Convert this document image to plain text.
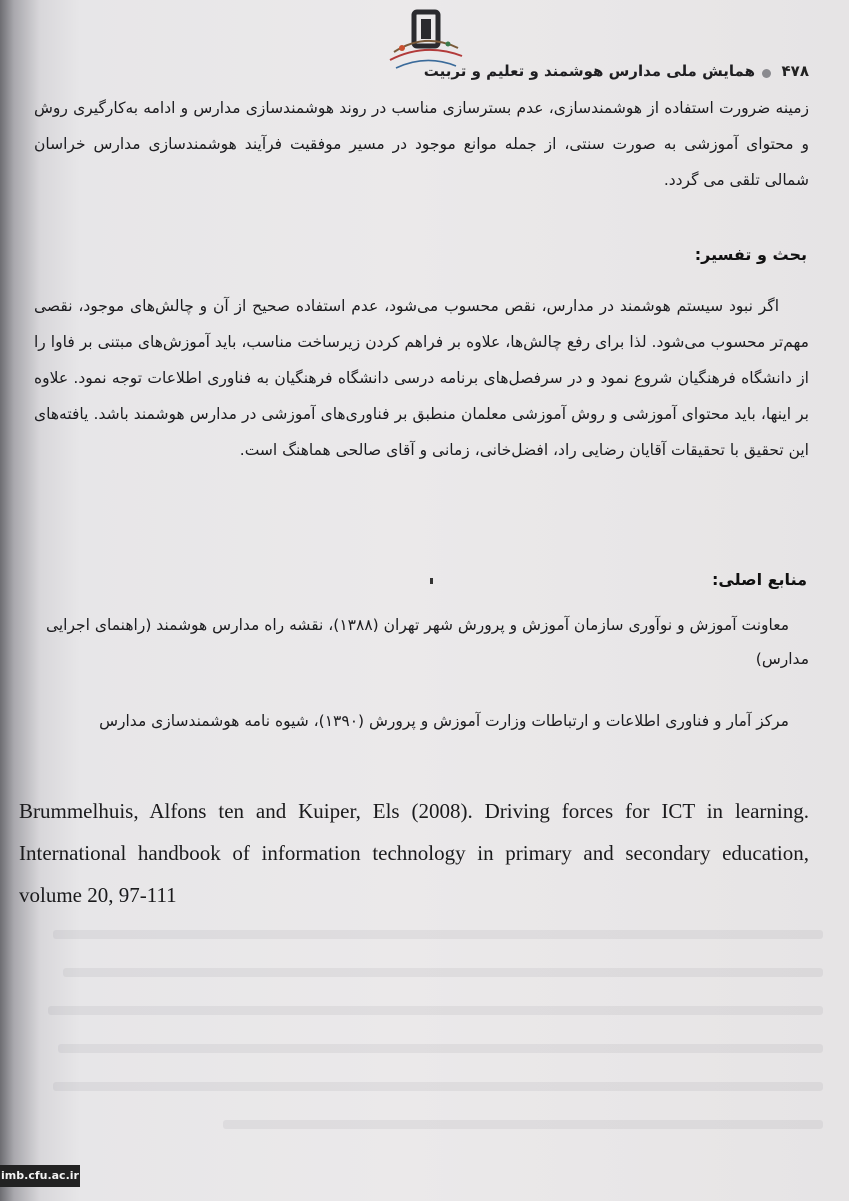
۴۷۸
همایش ملی مدارس هوشمند و تعلیم و تربیت

زمینه ضرورت استفاده از هوشمندسازی، عدم بسترسازی مناسب در روند هوشمندسازی مدارس و ادامه به‌کارگیری روش و محتوای آموزشی به صورت سنتی، از جمله موانع موجود در مسیر موفقیت فرآیند هوشمندسازی مدارس خراسان شمالی تلقی می گردد.

بحث و تفسیر:

اگر نبود سیستم هوشمند در مدارس، نقص محسوب می‌شود، عدم استفاده صحیح از آن و چالش‌های موجود، نقصی مهم‌تر محسوب می‌شود. لذا برای رفع چالش‌ها، علاوه بر فراهم کردن زیرساخت مناسب، باید آموزش‌های مبتنی بر فاوا را از دانشگاه فرهنگیان شروع نمود و در سرفصل‌های برنامه درسی دانشگاه فرهنگیان به فناوری اطلاعات توجه نمود. علاوه بر اینها، باید محتوای آموزشی و روش آموزشی معلمان منطبق بر فناوری‌های آموزشی در مدارس هوشمند باشد. یافته‌های این تحقیق با تحقیقات آقایان رضایی راد، افضل‌خانی، زمانی و آقای صالحی هماهنگ است.

منابع اصلی:

معاونت آموزش و نوآوری سازمان آموزش و پرورش شهر تهران (۱۳۸۸)، نقشه راه مدارس هوشمند (راهنمای اجرایی مدارس)

مرکز آمار و فناوری اطلاعات و ارتباطات وزارت آموزش و پرورش (۱۳۹۰)، شیوه نامه هوشمندسازی مدارس

Brummelhuis, Alfons ten and Kuiper, Els (2008). Driving forces for ICT in learning. International handbook of information technology in primary and secondary education, volume 20, 97-111

imb.cfu.ac.ir
